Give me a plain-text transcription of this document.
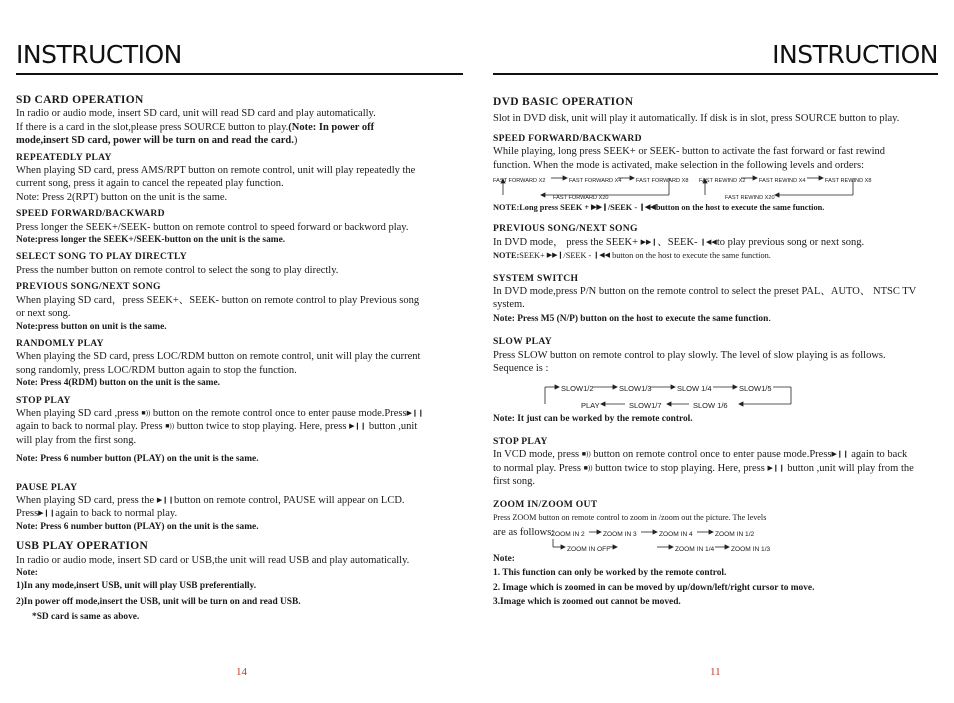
INSTRUCTION
SD CARD OPERATION
In radio or audio mode, insert SD card, unit will read SD card and play automatically.
If there is a card in the slot,please press SOURCE button to play.(Note: In power off mode,insert SD card, power will be turn on and read the card.)
REPEATEDLY PLAY
When playing SD card, press AMS/RPT button on remote control, unit will play repeatedly the current song, press it again to cancel the repeated play function.
Note: Press 2(RPT) button on the unit is the same.
SPEED FORWARD/BACKWARD
Press longer the SEEK+/SEEK- button on remote control to speed forward or backword play.
Note:press longer the SEEK+/SEEK-button on the unit is the same.
SELECT SONG TO PLAY DIRECTLY
Press the number button on remote control to select the song to play directly.
PREVIOUS SONG/NEXT SONG
When playing SD card，press SEEK+、SEEK- button on remote control to play Previous song or next song.
Note:press button on unit is the same.
RANDOMLY PLAY
When playing the SD card, press LOC/RDM button on remote control, unit will play the current song randomly, press LOC/RDM button again to stop the function.
Note: Press 4(RDM) button on the unit is the same.
STOP PLAY
When playing SD card ,press ■)) button on the remote control once to enter pause mode.Press▶❙❙ again to back to normal play. Press ■)) button twice to stop playing. Here, press ▶❙❙ button ,unit will play from the first song.
Note: Press 6 number button (PLAY) on the unit is the same.
PAUSE PLAY
When playing SD card, press the ▶❙❙button on remote control, PAUSE will appear on LCD. Press▶❙❙again to back to normal play.
Note: Press 6 number button (PLAY) on the unit is the same.
USB PLAY OPERATION
In radio or audio mode, insert SD card or USB,the unit will read USB and play automatically.
Note:
1)In any mode,insert USB, unit will play USB preferentially.
2)In power off mode,insert the USB, unit will be turn on and read USB.
*SD card is same as above.
14
INSTRUCTION
DVD BASIC OPERATION
Slot in DVD disk, unit will play it automatically. If disk is in slot, press SOURCE button to play.
SPEED FORWARD/BACKWARD
While playing, long press SEEK+ or SEEK- button to activate the fast forward or fast rewind function. When the mode is activated, make selection in the following levels and orders:
FAST FORWARD X2	FAST FORWARD X4	FAST FORWARD X8
FAST FORWARD X20
FAST REWIND X2 FAST REWIND X4	FAST REWIND X8
FAST REWIND X20
NOTE:Long press SEEK + ▶▶❙/SEEK - ❙◀◀button on the host to execute the same function.
PREVIOUS SONG/NEXT SONG
In DVD mode， press the SEEK+ ▶▶❙、SEEK- ❙◀◀to play previous song or next song.
NOTE:SEEK+ ▶▶❙/SEEK - ❙◀◀ button on the host to execute the same function.
SYSTEM SWITCH
In DVD mode,press P/N button on the remote control to select the preset PAL、AUTO、 NTSC TV system.
Note: Press M5 (N/P) button on the host to execute the same function.
SLOW PLAY
Press SLOW button on remote control to play slowly. The level of slow playing is as follows. Sequence is :
SLOW1/2	SLOW1/3	SLOW 1/4	SLOW1/5
SLOW 1/6
SLOW1/7
PLAY
Note: It just can be worked by the remote control.
STOP PLAY
In VCD mode, press ■)) button on remote control once to enter pause mode.Press▶❙❙ again to back to normal play. Press ■)) button twice to stop playing. Here, press ▶❙❙ button ,unit will play from the first song.
ZOOM IN/ZOOM OUT
Press ZOOM button on remote control to zoom in /zoom out the picture. The levels
are as follows:
ZOOM IN 2	ZOOM IN 3	ZOOM IN 4	ZOOM IN 1/2
ZOOM IN 1/3
ZOOM IN 1/4
ZOOM IN OFF
Note:
1. This function can only be worked by the remote control.
2. Image which is zoomed in can be moved by up/down/left/right cursor to move.
3.Image which is zoomed out cannot be moved.
11
